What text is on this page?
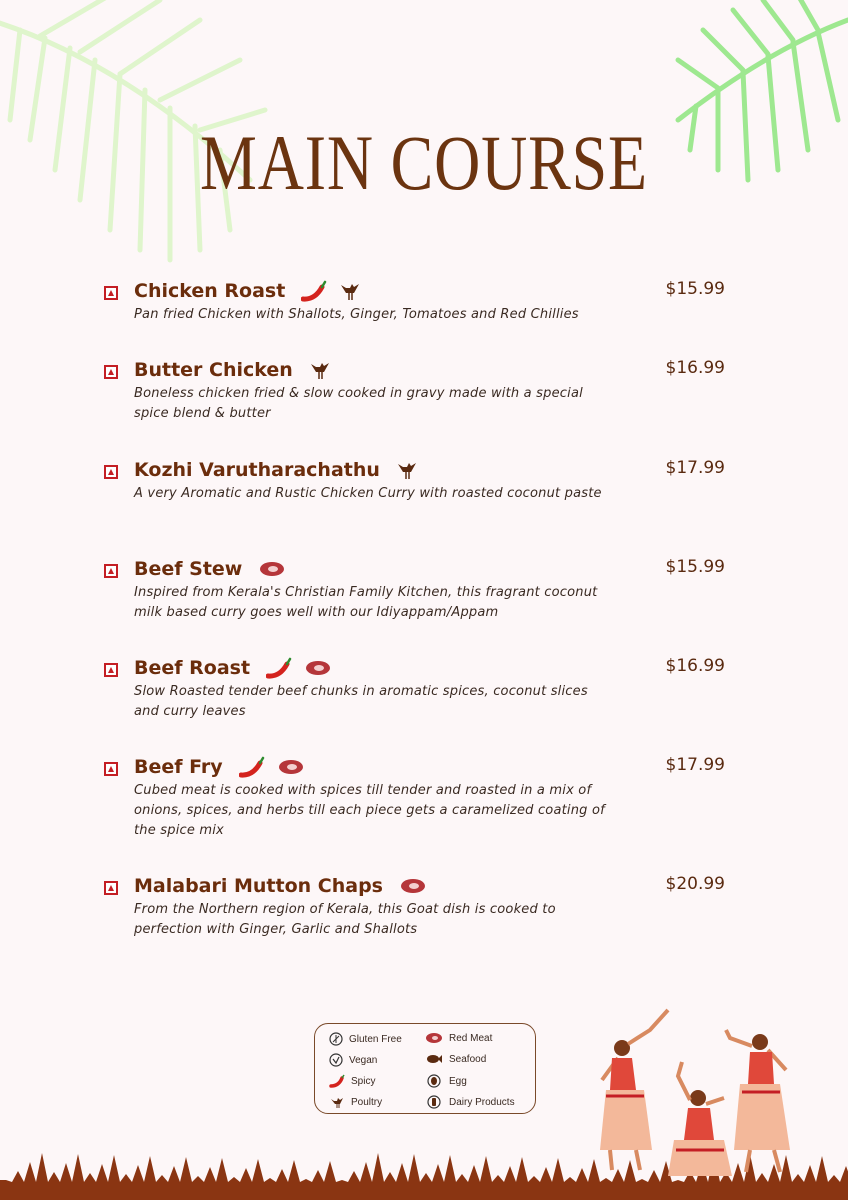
MAIN COURSE
Chicken Roast	$15.99
Pan fried Chicken with Shallots, Ginger, Tomatoes and Red Chillies
Butter Chicken	$16.99
Boneless chicken fried & slow cooked in gravy made with a special spice blend & butter
Kozhi Varutharachathu	$17.99
A very Aromatic and Rustic Chicken Curry with roasted coconut paste
Beef Stew	$15.99
Inspired from Kerala's Christian Family Kitchen, this fragrant coconut milk based curry goes well with our Idiyappam/Appam
Beef Roast	$16.99
Slow Roasted tender beef chunks in aromatic spices, coconut slices and curry leaves
Beef Fry	$17.99
Cubed meat is cooked with spices till tender and roasted in a mix of onions, spices, and herbs till each piece gets a caramelized coating of the spice mix
Malabari Mutton Chaps	$20.99
From the Northern region of Kerala, this Goat dish is cooked to perfection with Ginger, Garlic and Shallots
Gluten Free
Vegan
Spicy
Poultry
Red Meat
Seafood
Egg
Dairy Products
